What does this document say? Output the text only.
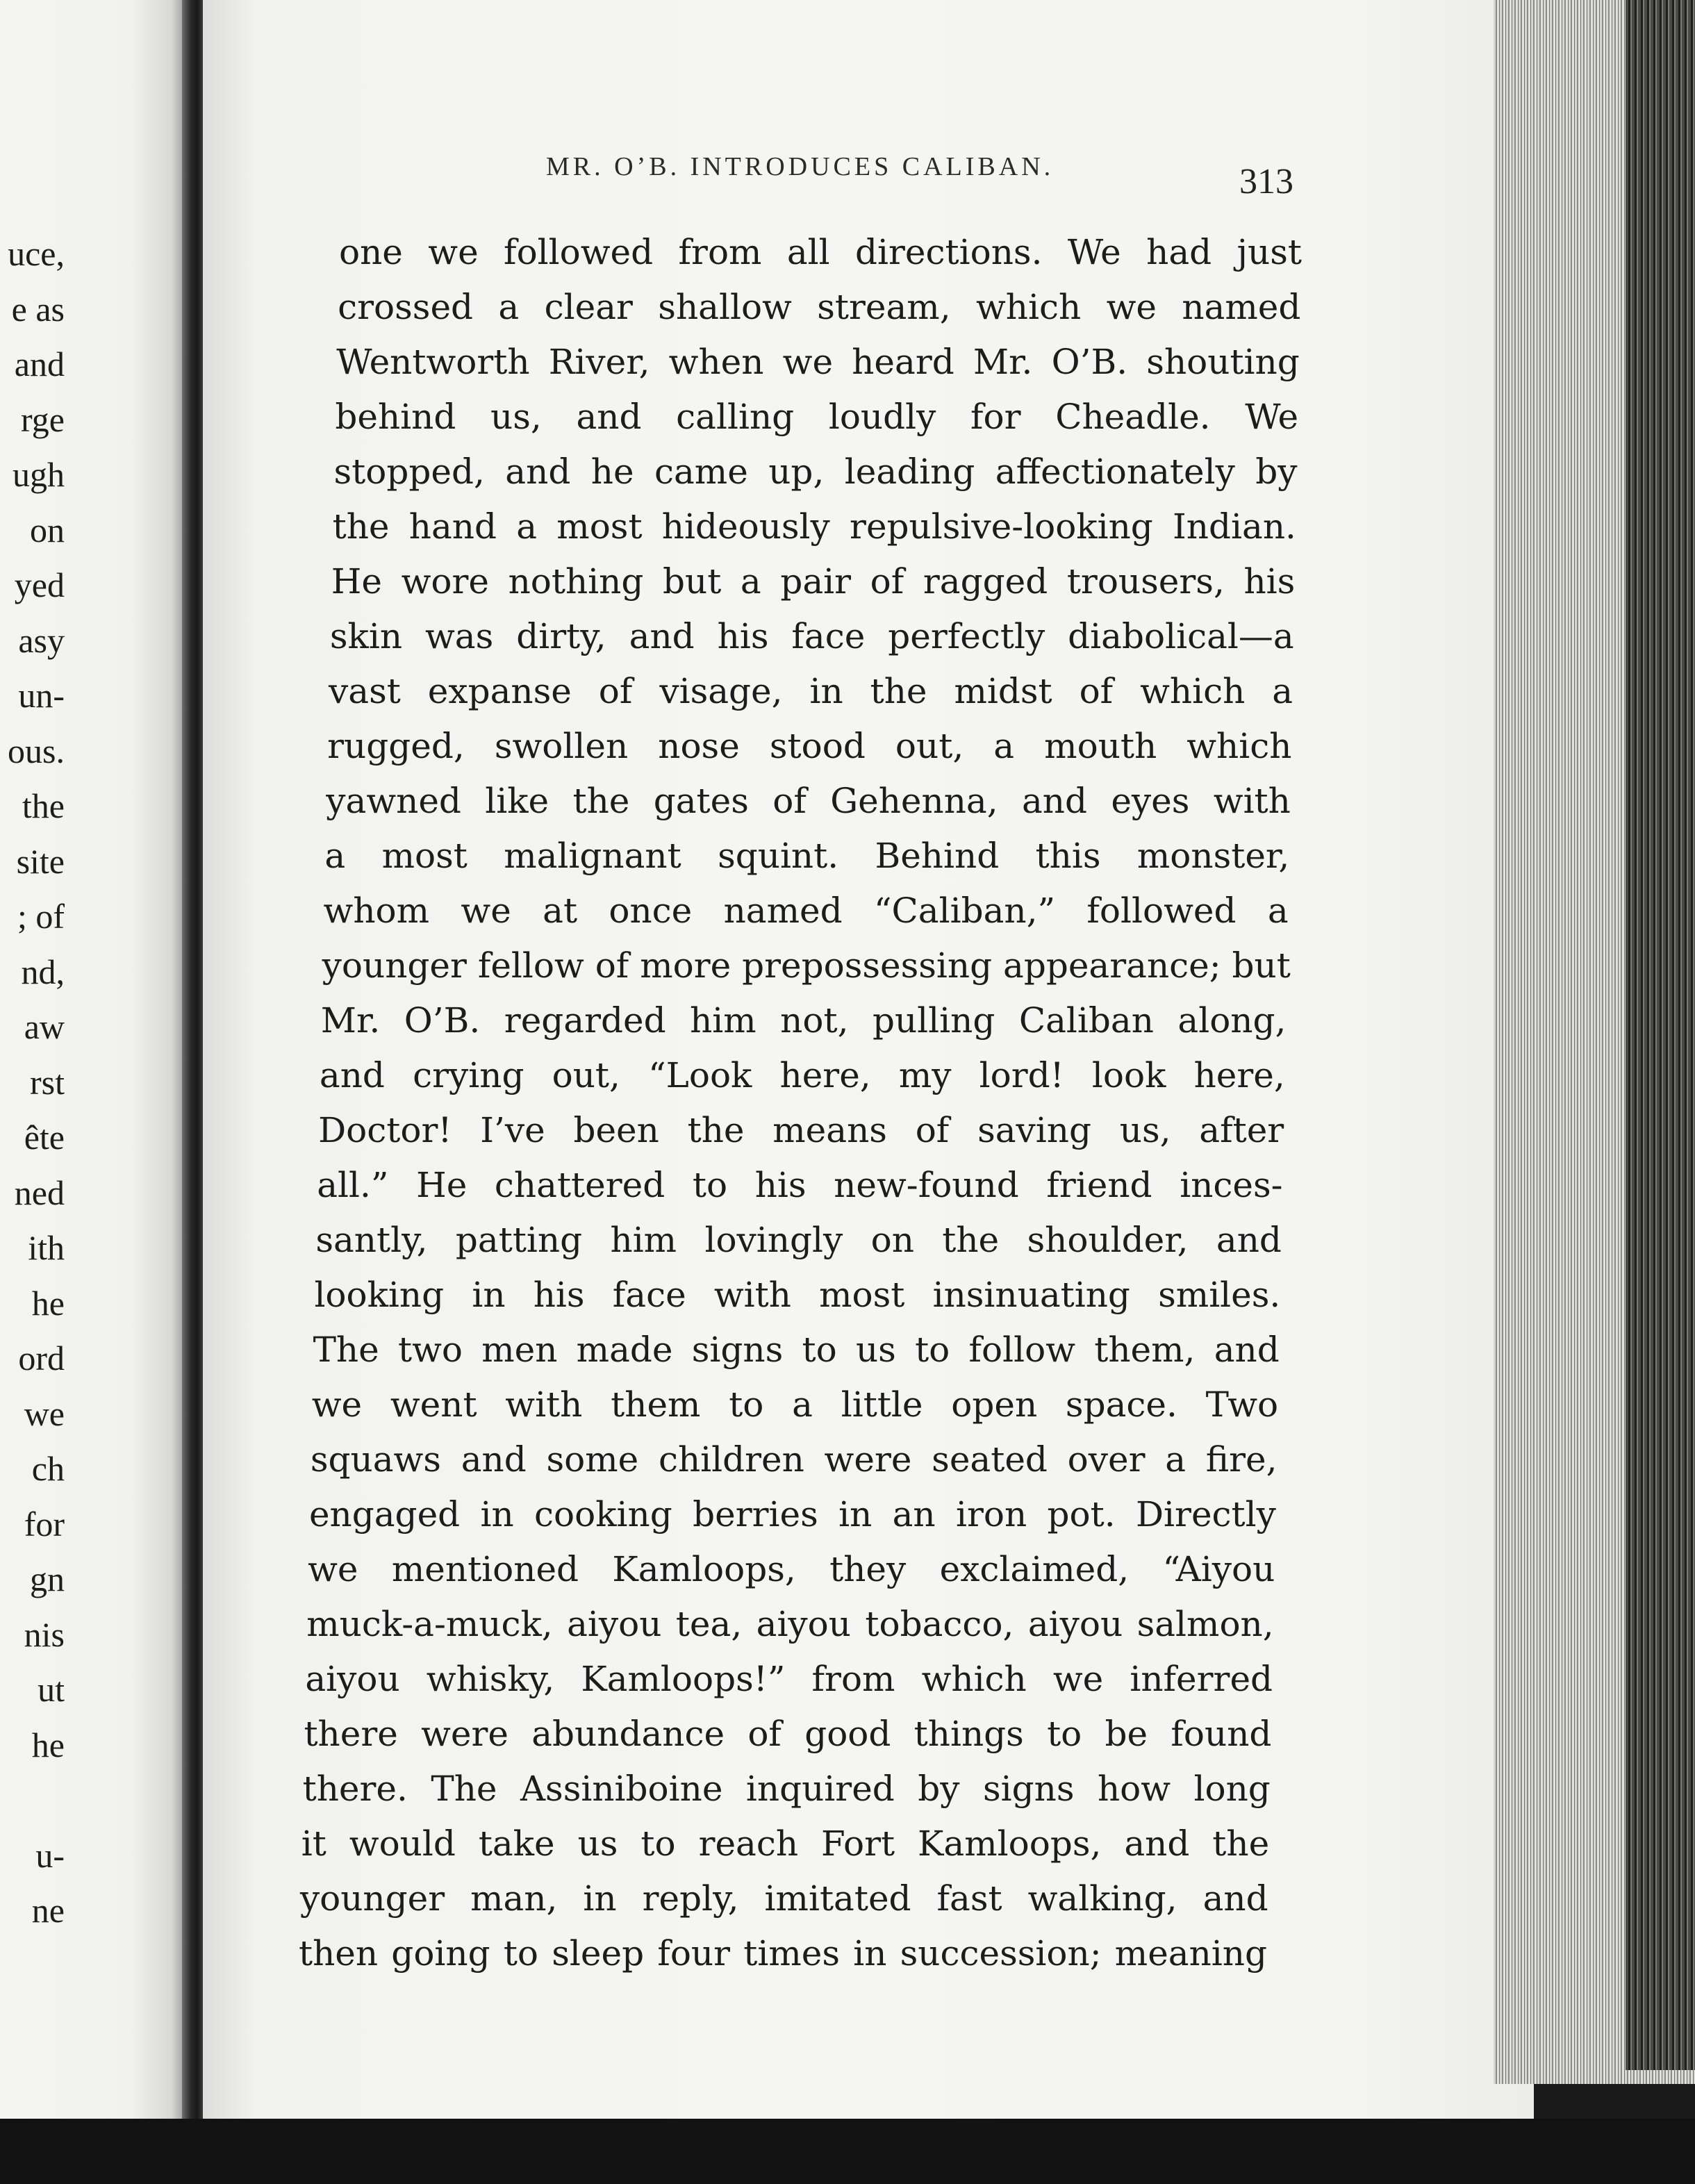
uce,
e as
and
rge
ugh
on
yed
asy
un-
ous.
the
site
; of
nd,
aw
rst
ête
ned
ith
he
ord
we
ch
for
gn
nis
ut
he
u-
ne
MR. O’B. INTRODUCES CALIBAN.	313
one we followed from all directions. We had just
crossed a clear shallow stream, which we named
Wentworth River, when we heard Mr. O’B. shouting
behind us, and calling loudly for Cheadle. We
stopped, and he came up, leading affectionately by
the hand a most hideously repulsive-looking Indian.
He wore nothing but a pair of ragged trousers, his
skin was dirty, and his face perfectly diabolical—a
vast expanse of visage, in the midst of which a
rugged, swollen nose stood out, a mouth which
yawned like the gates of Gehenna, and eyes with
a most malignant squint. Behind this monster,
whom we at once named “Caliban,” followed a
younger fellow of more prepossessing appearance; but
Mr. O’B. regarded him not, pulling Caliban along,
and crying out, “Look here, my lord! look here,
Doctor! I’ve been the means of saving us, after
all.” He chattered to his new-found friend inces-
santly, patting him lovingly on the shoulder, and
looking in his face with most insinuating smiles.
The two men made signs to us to follow them, and
we went with them to a little open space. Two
squaws and some children were seated over a fire,
engaged in cooking berries in an iron pot. Directly
we mentioned Kamloops, they exclaimed, “Aiyou
muck-a-muck, aiyou tea, aiyou tobacco, aiyou salmon,
aiyou whisky, Kamloops!” from which we inferred
there were abundance of good things to be found
there. The Assiniboine inquired by signs how long
it would take us to reach Fort Kamloops, and the
younger man, in reply, imitated fast walking, and
then going to sleep four times in succession; meaning
